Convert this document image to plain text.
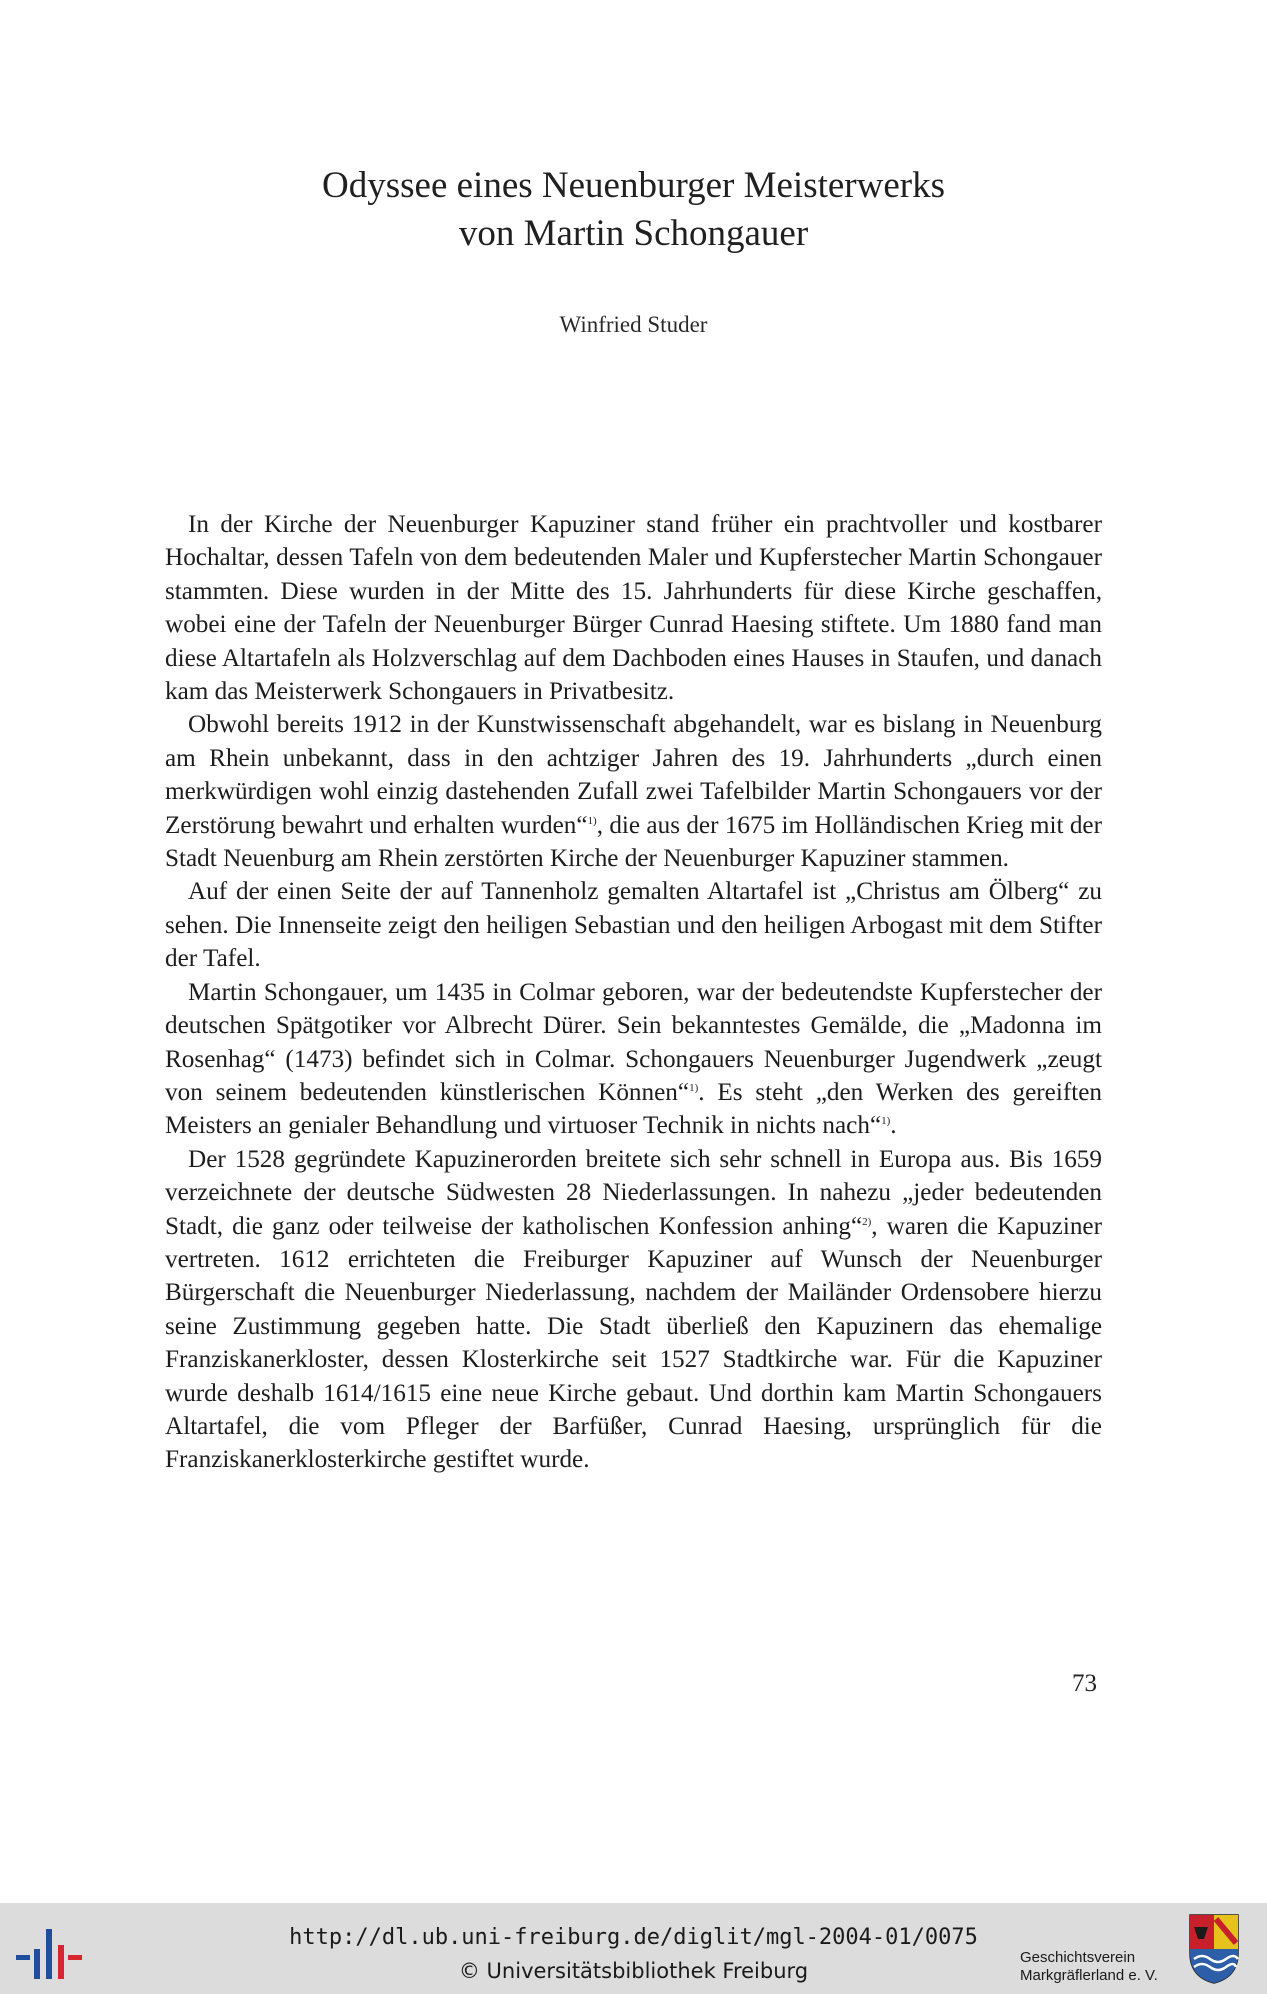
Odyssee eines Neuenburger Meisterwerks
von Martin Schongauer
Winfried Studer

In der Kirche der Neuenburger Kapuziner stand früher ein prachtvoller und kostbarer Hochaltar, dessen Tafeln von dem bedeutenden Maler und Kupferstecher Martin Schongauer stammten. Diese wurden in der Mitte des 15. Jahrhunderts für diese Kirche geschaffen, wobei eine der Tafeln der Neuenburger Bürger Cunrad Haesing stiftete. Um 1880 fand man diese Altartafeln als Holzverschlag auf dem Dachboden eines Hauses in Staufen, und danach kam das Meisterwerk Schongauers in Privatbesitz.

Obwohl bereits 1912 in der Kunstwissenschaft abgehandelt, war es bislang in Neuenburg am Rhein unbekannt, dass in den achtziger Jahren des 19. Jahrhunderts „durch einen merkwürdigen wohl einzig dastehenden Zufall zwei Tafelbilder Martin Schongauers vor der Zerstörung bewahrt und erhalten wurden“$^{1)}$, die aus der 1675 im Holländischen Krieg mit der Stadt Neuenburg am Rhein zerstörten Kirche der Neuenburger Kapuziner stammen.

Auf der einen Seite der auf Tannenholz gemalten Altartafel ist „Christus am Ölberg“ zu sehen. Die Innenseite zeigt den heiligen Sebastian und den heiligen Arbogast mit dem Stifter der Tafel.

Martin Schongauer, um 1435 in Colmar geboren, war der bedeutendste Kupferstecher der deutschen Spätgotiker vor Albrecht Dürer. Sein bekanntestes Gemälde, die „Madonna im Rosenhag“ (1473) befindet sich in Colmar. Schongauers Neuenburger Jugendwerk „zeugt von seinem bedeutenden künstlerischen Können“$^{1)}$. Es steht „den Werken des gereiften Meisters an genialer Behandlung und virtuoser Technik in nichts nach“$^{1)}$.

Der 1528 gegründete Kapuzinerorden breitete sich sehr schnell in Europa aus. Bis 1659 verzeichnete der deutsche Südwesten 28 Niederlassungen. In nahezu „jeder bedeutenden Stadt, die ganz oder teilweise der katholischen Konfession anhing“$^{2)}$, waren die Kapuziner vertreten. 1612 errichteten die Freiburger Kapuziner auf Wunsch der Neuenburger Bürgerschaft die Neuenburger Niederlassung, nachdem der Mailänder Ordensobere hierzu seine Zustimmung gegeben hatte. Die Stadt überließ den Kapuzinern das ehemalige Franziskanerkloster, dessen Klosterkirche seit 1527 Stadtkirche war. Für die Kapuziner wurde deshalb 1614/1615 eine neue Kirche gebaut. Und dorthin kam Martin Schongauers Altartafel, die vom Pfleger der Barfüßer, Cunrad Haesing, ursprünglich für die Franziskanerklosterkirche gestiftet wurde.

73
http://dl.ub.uni-freiburg.de/diglit/mgl-2004-01/0075
© Universitätsbibliothek Freiburg
Geschichtsverein
Markgräflerland e. V.
